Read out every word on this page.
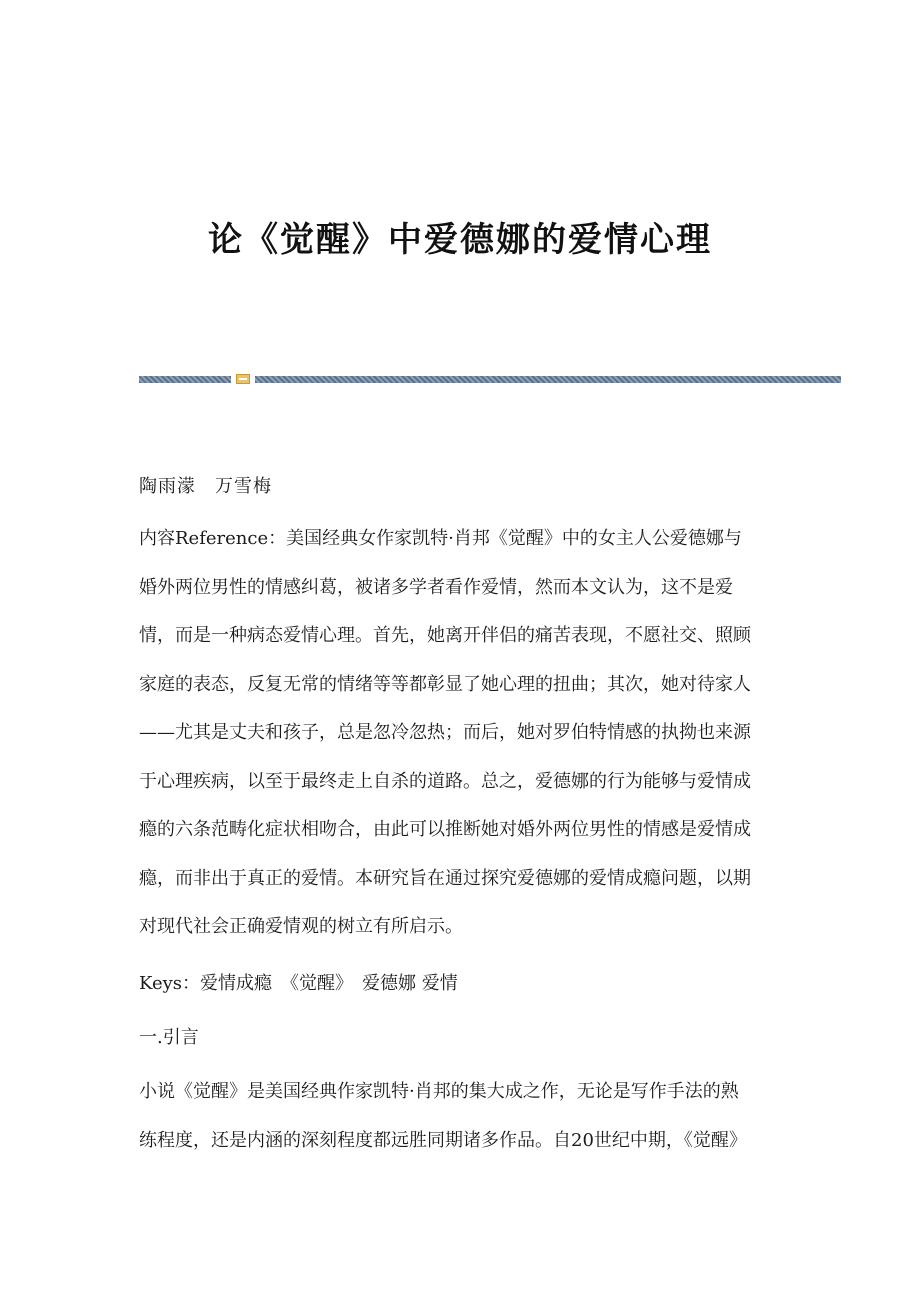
论《觉醒》中爱德娜的爱情心理
陶雨濛　万雪梅
内容Reference：美国经典女作家凯特·肖邦《觉醒》中的女主人公爱德娜与
婚外两位男性的情感纠葛，被诸多学者看作爱情，然而本文认为，这不是爱
情，而是一种病态爱情心理。首先，她离开伴侣的痛苦表现，不愿社交、照顾
家庭的表态，反复无常的情绪等等都彰显了她心理的扭曲；其次，她对待家人
——尤其是丈夫和孩子，总是忽冷忽热；而后，她对罗伯特情感的执拗也来源
于心理疾病，以至于最终走上自杀的道路。总之，爱德娜的行为能够与爱情成
瘾的六条范畴化症状相吻合，由此可以推断她对婚外两位男性的情感是爱情成
瘾，而非出于真正的爱情。本研究旨在通过探究爱德娜的爱情成瘾问题，以期
对现代社会正确爱情观的树立有所启示。
Keys：爱情成瘾　《觉醒》　爱德娜 爱情
一.引言
小说《觉醒》是美国经典作家凯特·肖邦的集大成之作，无论是写作手法的熟
练程度，还是内涵的深刻程度都远胜同期诸多作品。自20世纪中期，《觉醒》
